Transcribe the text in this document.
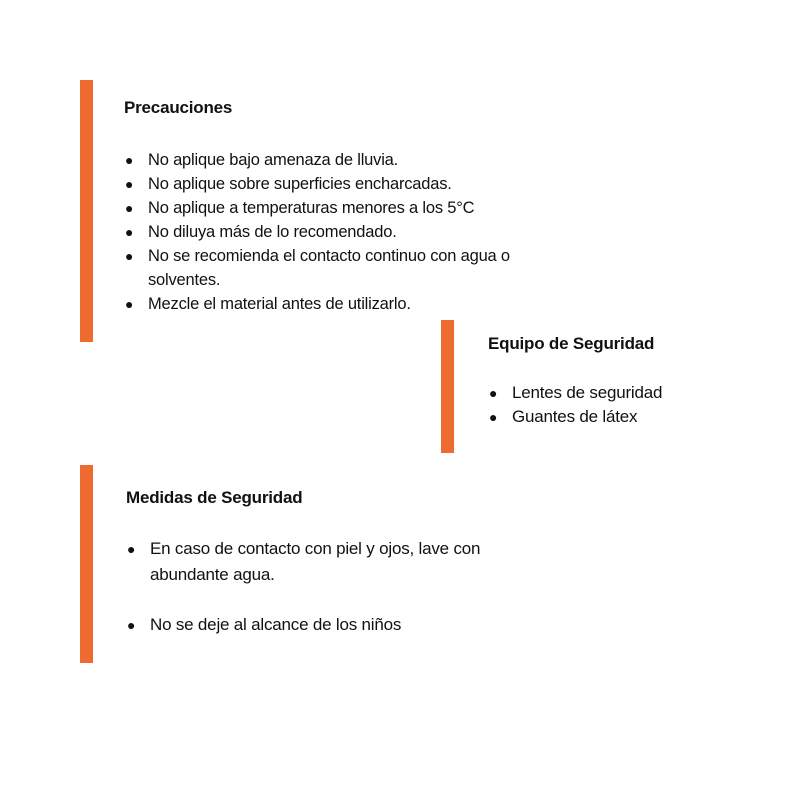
Precauciones
● No aplique bajo amenaza de lluvia.
● No aplique sobre superficies encharcadas.
● No aplique a temperaturas menores a los 5°C
● No diluya más de lo recomendado.
● No se recomienda el contacto continuo con agua o solventes.
● Mezcle el material antes de utilizarlo.
Equipo de Seguridad
● Lentes de seguridad
● Guantes de látex
Medidas de Seguridad
● En caso de contacto con piel y ojos, lave con abundante agua.
● No se deje al alcance de los niños
